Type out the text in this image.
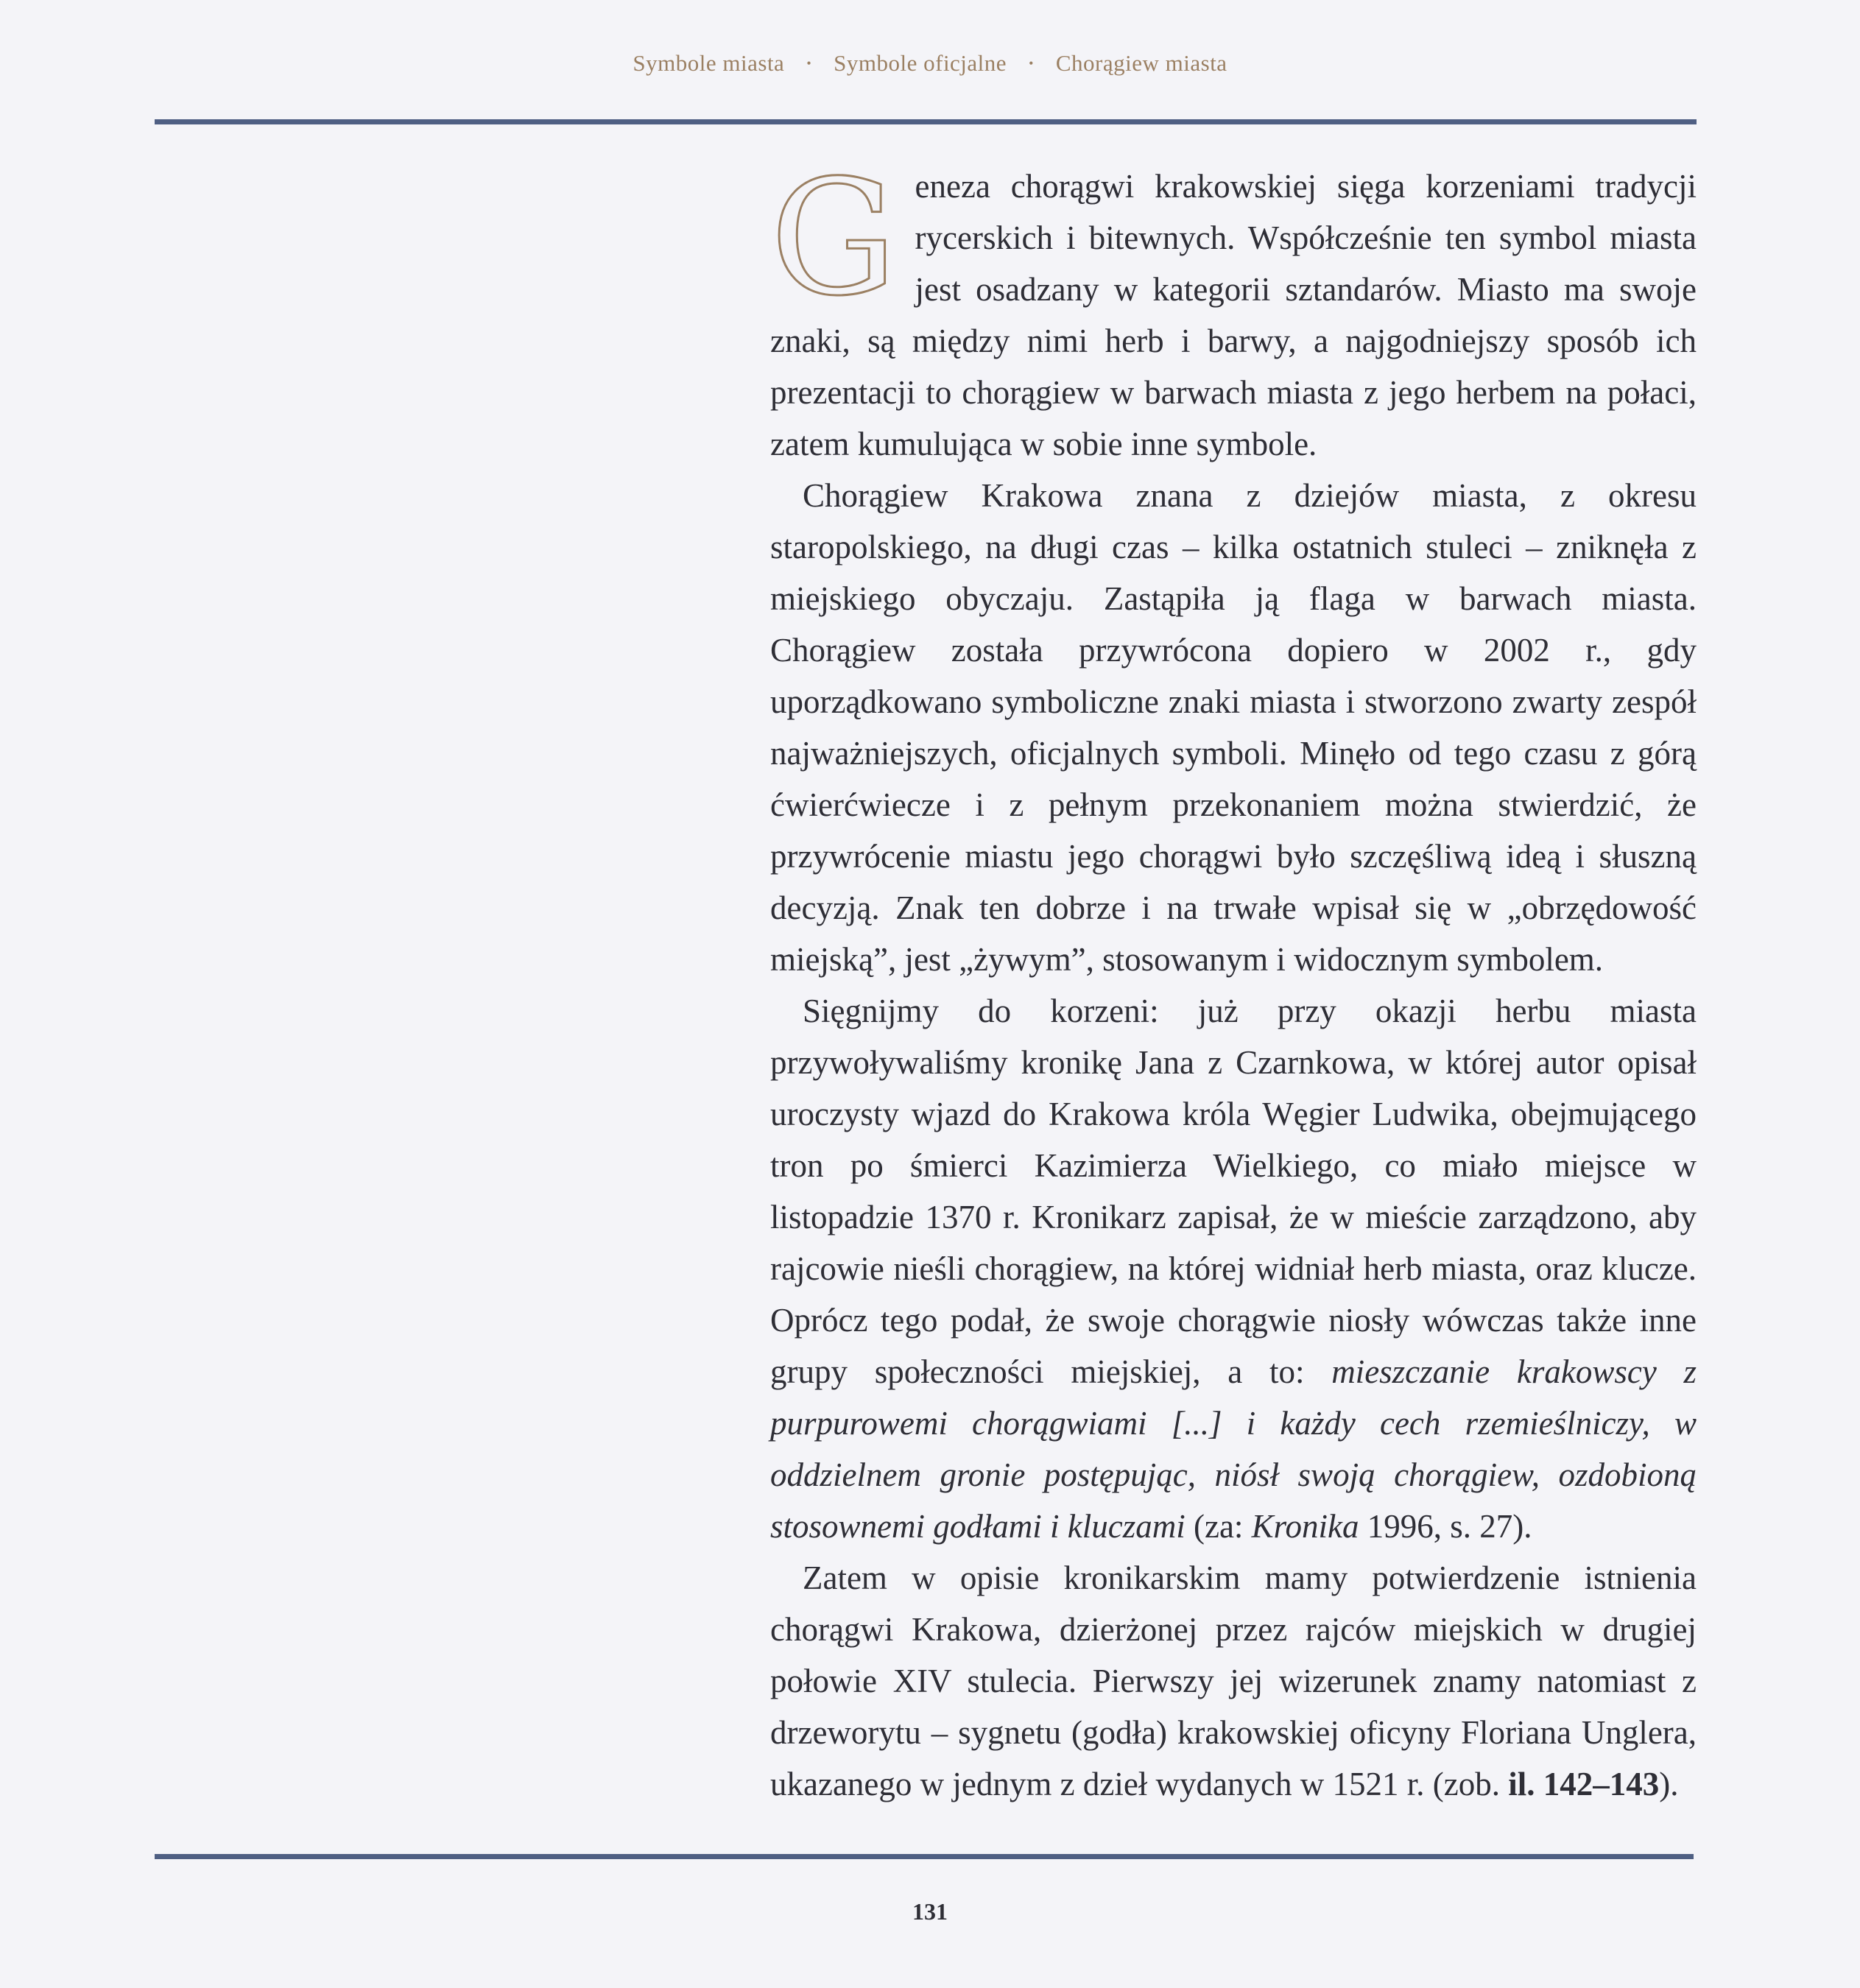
Symbole miasta • Symbole oficjalne • Chorągiew miasta

Geneza chorągwi krakowskiej sięga korzeniami tradycji rycerskich i bitewnych. Współcześnie ten symbol miasta jest osadzany w kategorii sztandarów. Miasto ma swoje znaki, są między nimi herb i barwy, a najgodniejszy sposób ich prezentacji to chorągiew w barwach miasta z jego herbem na połaci, zatem kumulująca w sobie inne symbole.

Chorągiew Krakowa znana z dziejów miasta, z okresu staropolskiego, na długi czas – kilka ostatnich stuleci – zniknęła z miejskiego obyczaju. Zastąpiła ją flaga w barwach miasta. Chorągiew została przywrócona dopiero w 2002 r., gdy uporządkowano symboliczne znaki miasta i stworzono zwarty zespół najważniejszych, oficjalnych symboli. Minęło od tego czasu z górą ćwierćwiecze i z pełnym przekonaniem można stwierdzić, że przywrócenie miastu jego chorągwi było szczęśliwą ideą i słuszną decyzją. Znak ten dobrze i na trwałe wpisał się w „obrzędowość miejską”, jest „żywym”, stosowanym i widocznym symbolem.

Sięgnijmy do korzeni: już przy okazji herbu miasta przywoływaliśmy kronikę Jana z Czarnkowa, w której autor opisał uroczysty wjazd do Krakowa króla Węgier Ludwika, obejmującego tron po śmierci Kazimierza Wielkiego, co miało miejsce w listopadzie 1370 r. Kronikarz zapisał, że w mieście zarządzono, aby rajcowie nieśli chorągiew, na której widniał herb miasta, oraz klucze. Oprócz tego podał, że swoje chorągwie niosły wówczas także inne grupy społeczności miejskiej, a to: mieszczanie krakowscy z purpurowemi chorągwiami [...] i każdy cech rzemieślniczy, w oddzielnem gronie postępując, niósł swoją chorągiew, ozdobioną stosownemi godłami i kluczami (za: Kronika 1996, s. 27).

Zatem w opisie kronikarskim mamy potwierdzenie istnienia chorągwi Krakowa, dzierżonej przez rajców miejskich w drugiej połowie XIV stulecia. Pierwszy jej wizerunek znamy natomiast z drzeworytu – sygnetu (godła) krakowskiej oficyny Floriana Unglera, ukazanego w jednym z dzieł wydanych w 1521 r. (zob. il. 142–143).

131
